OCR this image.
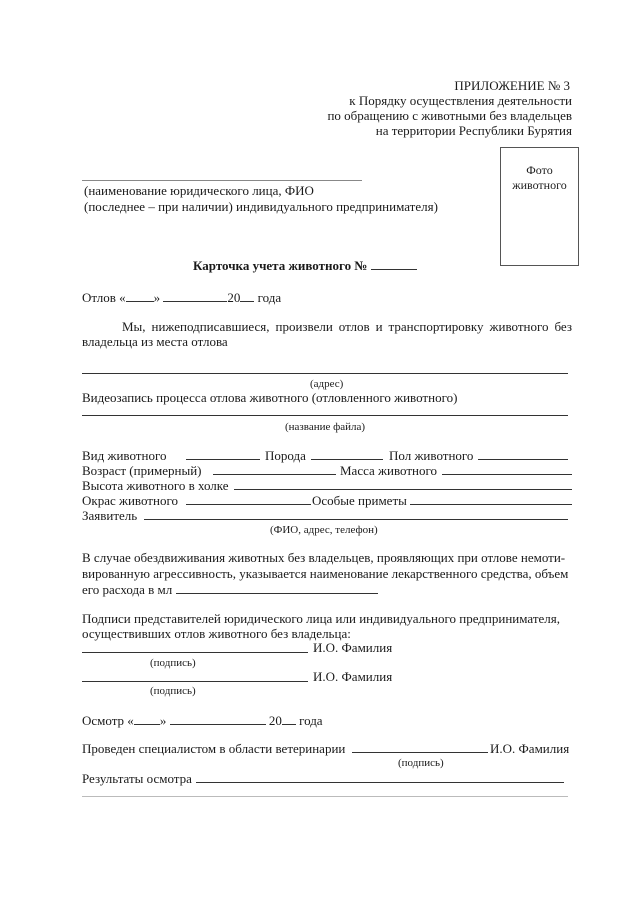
ПРИЛОЖЕНИЕ № 3
к Порядку осуществления деятельности
по обращению с животными без владельцев
на территории Республики Бурятия
Фото
животного
(наименование юридического лица, ФИО
(последнее – при наличии) индивидуального предпринимателя)
Карточка учета животного №
Отлов « »	20 года
Мы, нижеподписавшиеся, произвели отлов и транспортировку животного без владельца из места отлова
(адрес)
Видеозапись процесса отлова животного (отловленного животного)
(название файла)
Вид животного	Порода	Пол животного
Возраст (примерный)	Масса животного
Высота животного в холке
Окрас животного	Особые приметы
Заявитель
(ФИО, адрес, телефон)
В случае обездвиживания животных без владельцев, проявляющих при отлове немоти-
вированную агрессивность, указывается наименование лекарственного средства, объем
его расхода в мл
Подписи представителей юридического лица или индивидуального предпринимателя,
осуществивших отлов животного без владельца:
И.О. Фамилия
(подпись)
И.О. Фамилия
(подпись)
Осмотр « »	20 года
Проведен специалистом в области ветеринарии	И.О. Фамилия
(подпись)
Результаты осмотра
